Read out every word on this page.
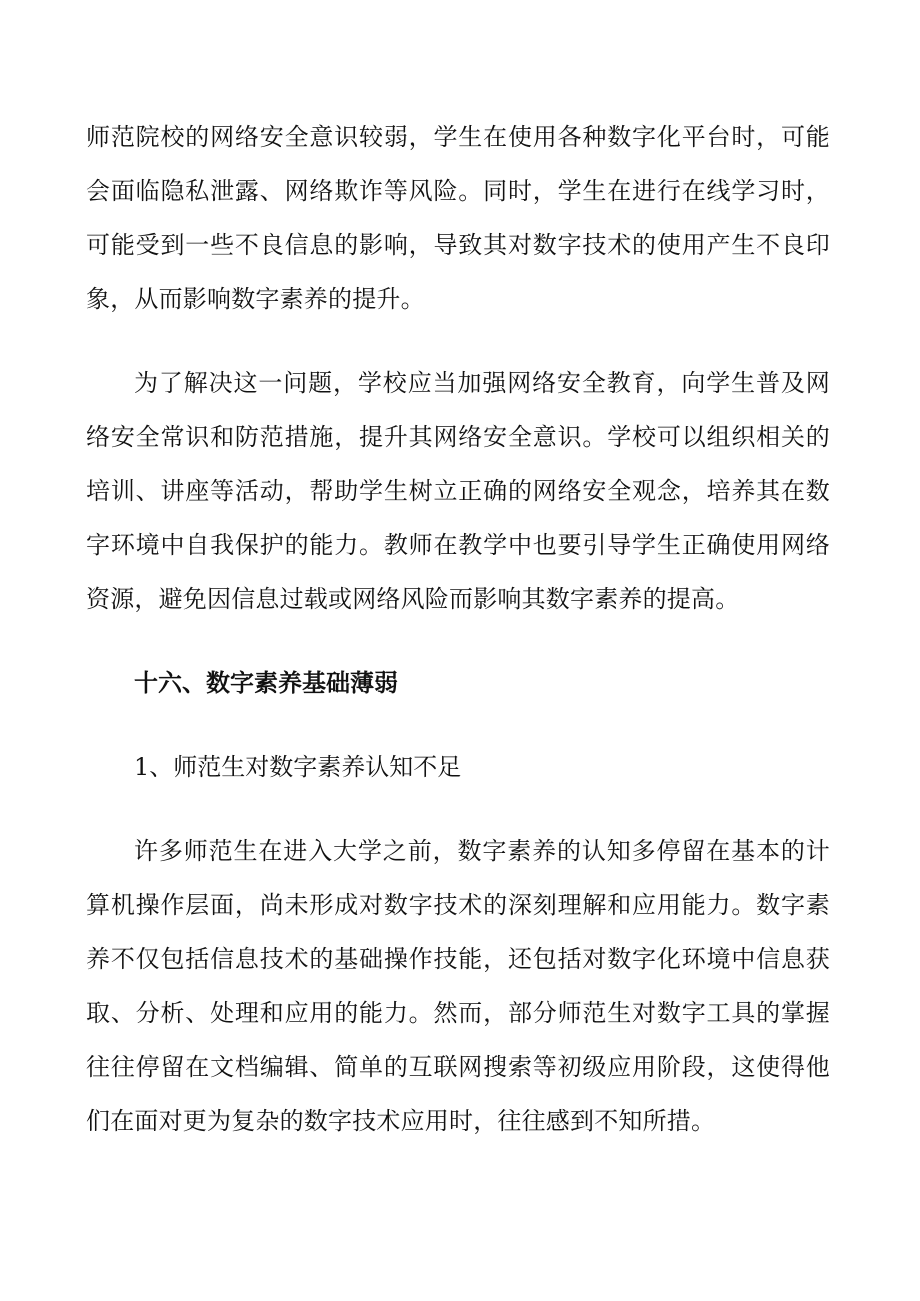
师范院校的网络安全意识较弱，学生在使用各种数字化平台时，可能会面临隐私泄露、网络欺诈等风险。同时，学生在进行在线学习时，可能受到一些不良信息的影响，导致其对数字技术的使用产生不良印象，从而影响数字素养的提升。

为了解决这一问题，学校应当加强网络安全教育，向学生普及网络安全常识和防范措施，提升其网络安全意识。学校可以组织相关的培训、讲座等活动，帮助学生树立正确的网络安全观念，培养其在数字环境中自我保护的能力。教师在教学中也要引导学生正确使用网络资源，避免因信息过载或网络风险而影响其数字素养的提高。

十六、数字素养基础薄弱

1、师范生对数字素养认知不足

许多师范生在进入大学之前，数字素养的认知多停留在基本的计算机操作层面，尚未形成对数字技术的深刻理解和应用能力。数字素养不仅包括信息技术的基础操作技能，还包括对数字化环境中信息获取、分析、处理和应用的能力。然而，部分师范生对数字工具的掌握往往停留在文档编辑、简单的互联网搜索等初级应用阶段，这使得他们在面对更为复杂的数字技术应用时，往往感到不知所措。
